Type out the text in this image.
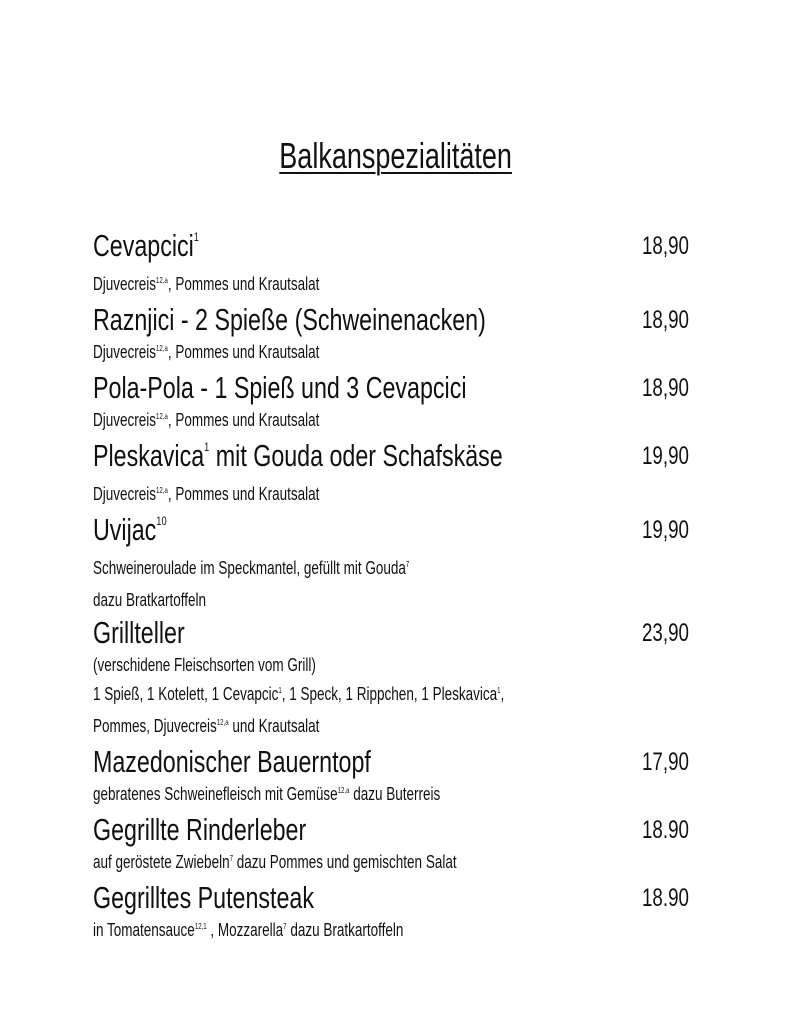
Balkanspezialitäten
Cevapcici$^1$	18,90
Djuvecreis$^{12,a}$, Pommes und Krautsalat
Raznjici - 2 Spieße (Schweinenacken)	18,90
Djuvecreis$^{12,a}$, Pommes und Krautsalat
Pola-Pola - 1 Spieß und 3 Cevapcici	18,90
Djuvecreis$^{12,a}$, Pommes und Krautsalat
Pleskavica$^1$ mit Gouda oder Schafskäse	19,90
Djuvecreis$^{12,a}$, Pommes und Krautsalat
Uvijac$^{10}$	19,90
Schweineroulade im Speckmantel, gefüllt mit Gouda$^7$
dazu Bratkartoffeln
Grillteller	23,90
(verschidene Fleischsorten vom Grill)
1 Spieß, 1 Kotelett, 1 Cevapcic$^1$, 1 Speck, 1 Rippchen, 1 Pleskavica$^1$,
Pommes, Djuvecreis$^{12,a}$ und Krautsalat
Mazedonischer Bauerntopf	17,90
gebratenes Schweinefleisch mit Gemüse$^{12,a}$ dazu Buterreis
Gegrillte Rinderleber	18.90
auf geröstete Zwiebeln$^7$ dazu Pommes und gemischten Salat
Gegrilltes Putensteak	18.90
in Tomatensauce$^{12,1}$ , Mozzarella$^7$ dazu Bratkartoffeln
